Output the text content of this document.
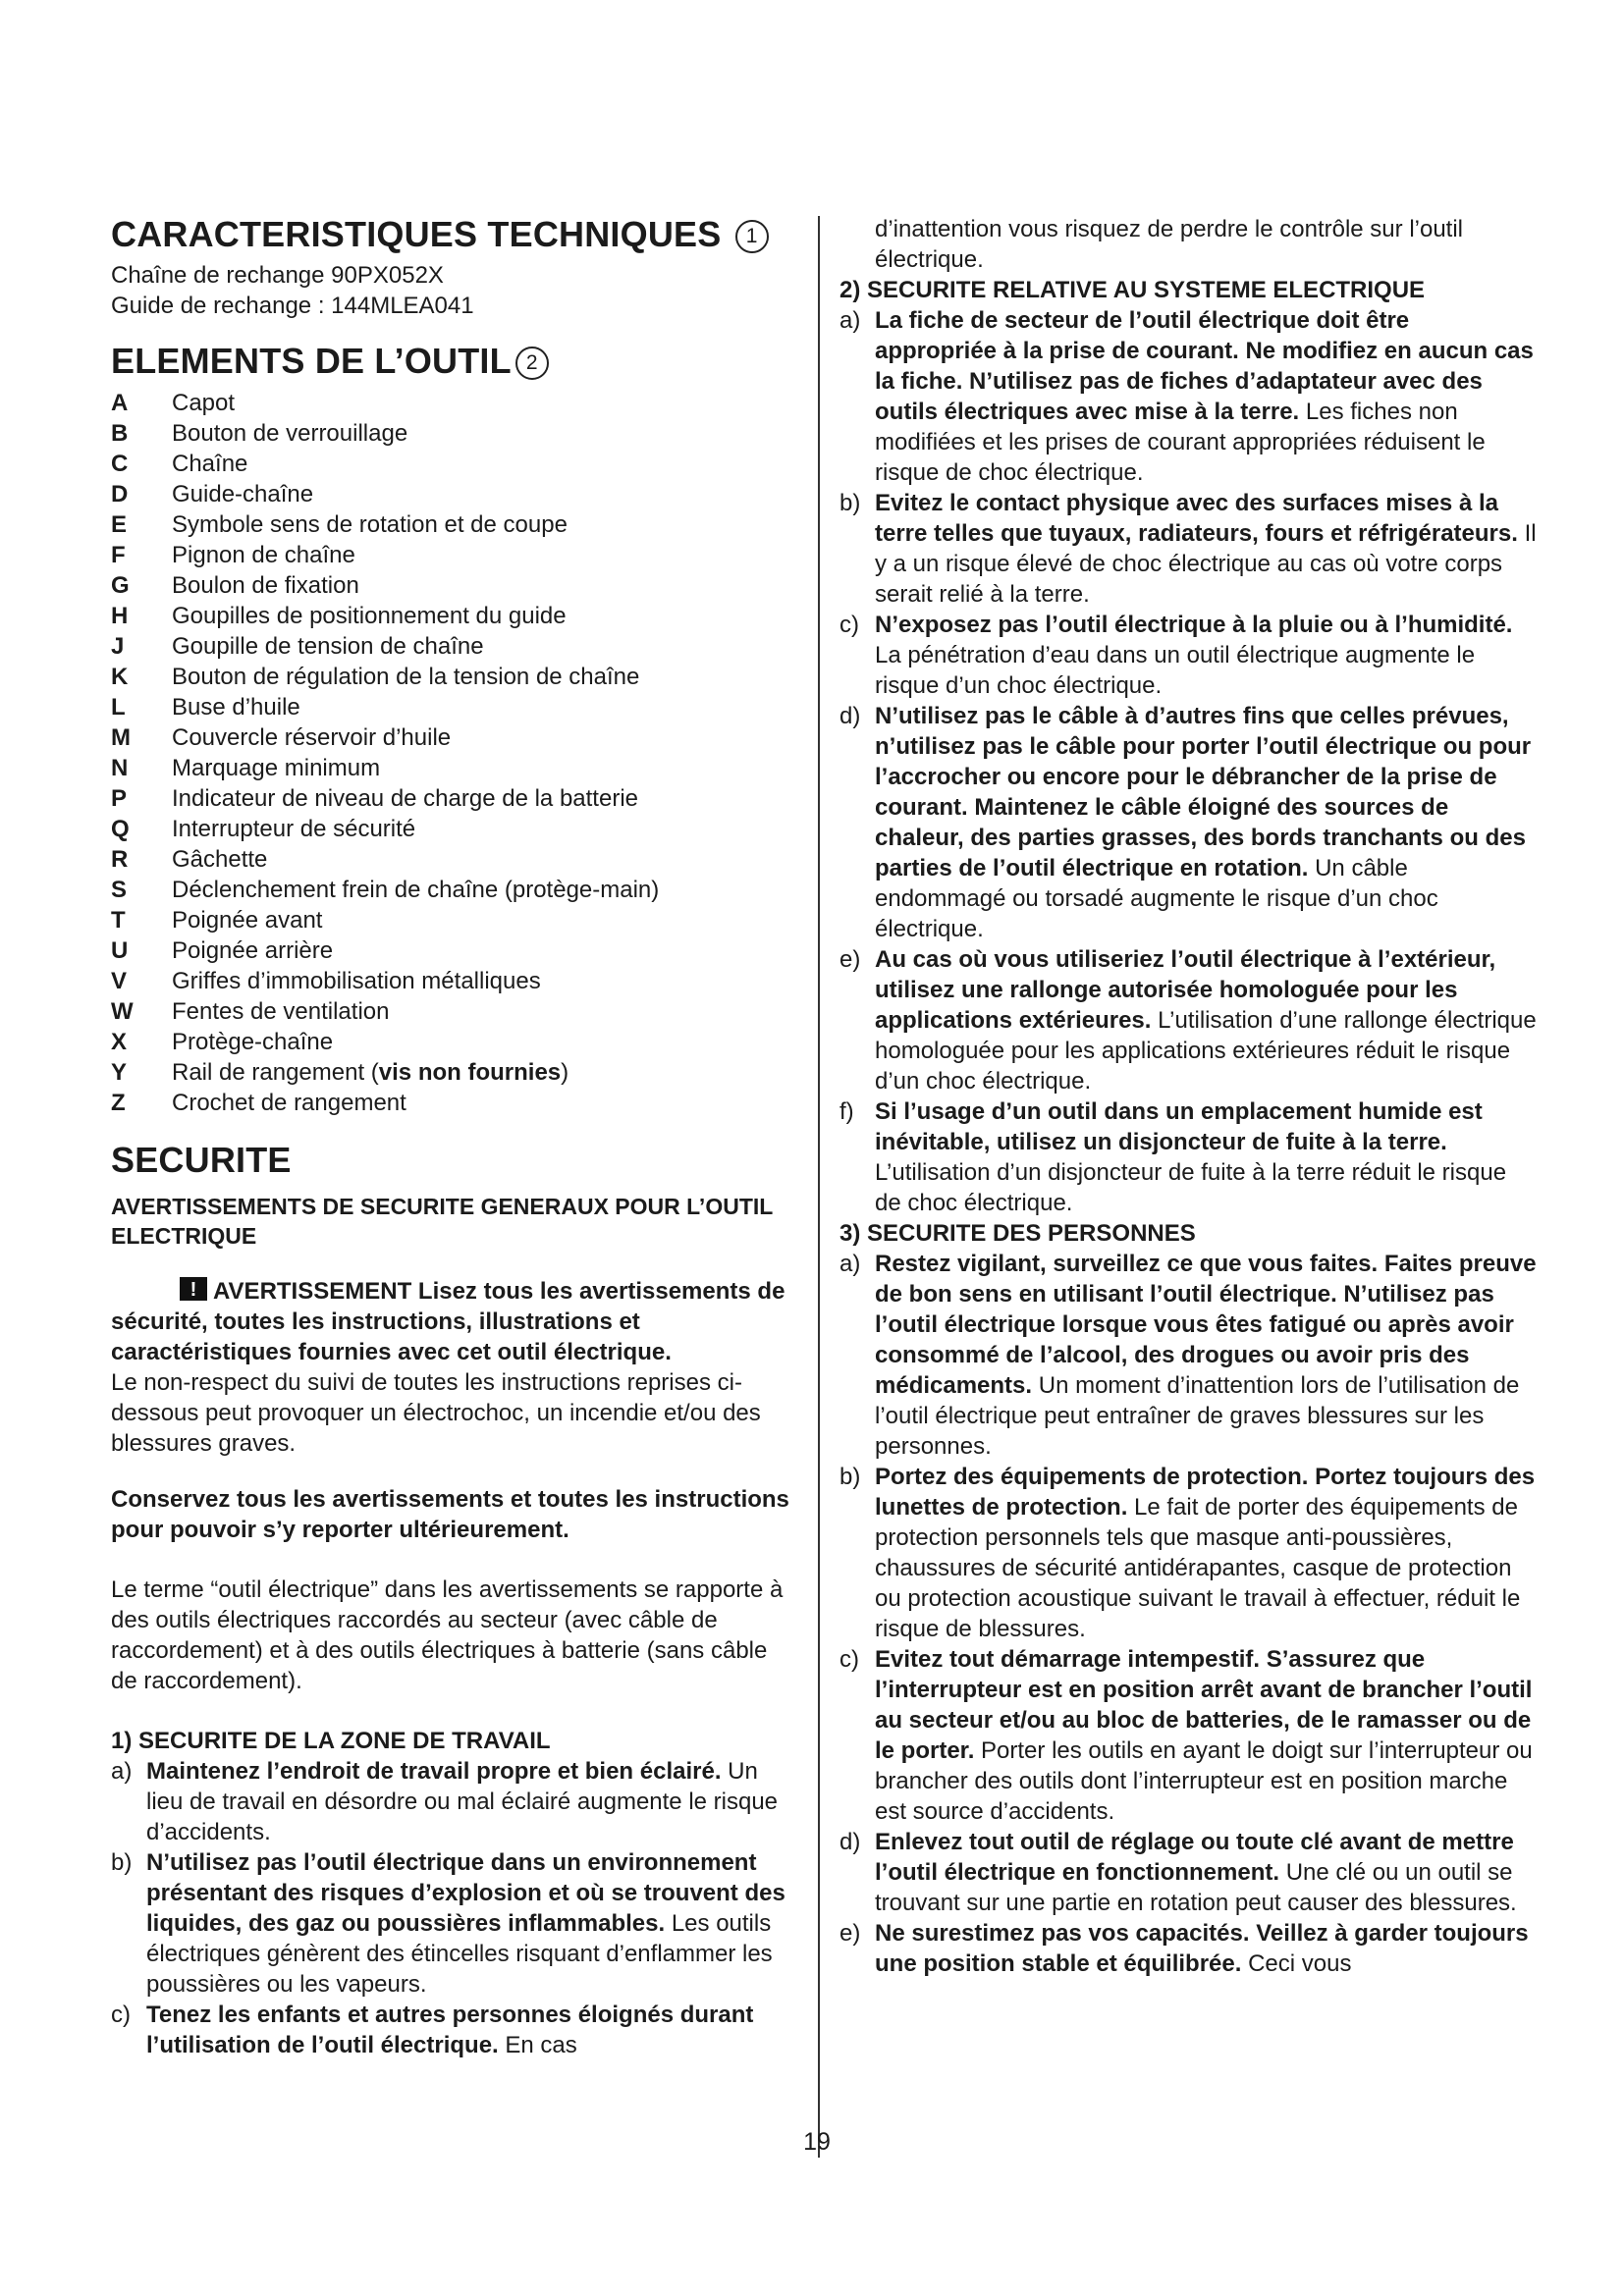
CARACTERISTIQUES TECHNIQUES 1
Chaîne de rechange 90PX052X
Guide de rechange : 144MLEA041
ELEMENTS DE L’OUTIL 2
A	Capot
B	Bouton de verrouillage
C	Chaîne
D	Guide-chaîne
E	Symbole sens de rotation et de coupe
F	Pignon de chaîne
G	Boulon de fixation
H	Goupilles de positionnement du guide
J	Goupille de tension de chaîne
K	Bouton de régulation de la tension de chaîne
L	Buse d’huile
M	Couvercle réservoir d’huile
N	Marquage minimum
P	Indicateur de niveau de charge de la batterie
Q	Interrupteur de sécurité
R	Gâchette
S	Déclenchement frein de chaîne (protège-main)
T	Poignée avant
U	Poignée arrière
V	Griffes d’immobilisation métalliques
W	Fentes de ventilation
X	Protège-chaîne
Y	Rail de rangement (vis non fournies)
Z	Crochet de rangement
SECURITE

AVERTISSEMENTS DE SECURITE GENERAUX POUR L’OUTIL ELECTRIQUE

!AVERTISSEMENT Lisez tous les avertissements de sécurité, toutes les instructions, illustrations et caractéristiques fournies avec cet outil électrique.
Le non-respect du suivi de toutes les instructions reprises ci-dessous peut provoquer un électrochoc, un incendie et/ou des blessures graves.
Conservez tous les avertissements et toutes les instructions pour pouvoir s’y reporter ultérieurement.
Le terme “outil électrique” dans les avertissements se rapporte à des outils électriques raccordés au secteur (avec câble de raccordement) et à des outils électriques à batterie (sans câble de raccordement).
1) SECURITE DE LA ZONE DE TRAVAIL
a) Maintenez l’endroit de travail propre et bien éclairé. Un lieu de travail en désordre ou mal éclairé augmente le risque d’accidents.
b) N’utilisez pas l’outil électrique dans un environnement présentant des risques d’explosion et où se trouvent des liquides, des gaz ou poussières inflammables. Les outils électriques génèrent des étincelles risquant d’enflammer les poussières ou les vapeurs.
c) Tenez les enfants et autres personnes éloignés durant l’utilisation de l’outil électrique. En cas
d’inattention vous risquez de perdre le contrôle sur l’outil électrique.
2) SECURITE RELATIVE AU SYSTEME ELECTRIQUE
a) La fiche de secteur de l’outil électrique doit être appropriée à la prise de courant. Ne modifiez en aucun cas la fiche. N’utilisez pas de fiches d’adaptateur avec des outils électriques avec mise à la terre. Les fiches non modifiées et les prises de courant appropriées réduisent le risque de choc électrique.
b) Evitez le contact physique avec des surfaces mises à la terre telles que tuyaux, radiateurs, fours et réfrigérateurs. Il y a un risque élevé de choc électrique au cas où votre corps serait relié à la terre.
c) N’exposez pas l’outil électrique à la pluie ou à l’humidité. La pénétration d’eau dans un outil électrique augmente le risque d’un choc électrique.
d) N’utilisez pas le câble à d’autres fins que celles prévues, n’utilisez pas le câble pour porter l’outil électrique ou pour l’accrocher ou encore pour le débrancher de la prise de courant. Maintenez le câble éloigné des sources de chaleur, des parties grasses, des bords tranchants ou des parties de l’outil électrique en rotation. Un câble endommagé ou torsadé augmente le risque d’un choc électrique.
e) Au cas où vous utiliseriez l’outil électrique à l’extérieur, utilisez une rallonge autorisée homologuée pour les applications extérieures. L’utilisation d’une rallonge électrique homologuée pour les applications extérieures réduit le risque d’un choc électrique.
f) Si l’usage d’un outil dans un emplacement humide est inévitable, utilisez un disjoncteur de fuite à la terre. L’utilisation d’un disjoncteur de fuite à la terre réduit le risque de choc électrique.
3) SECURITE DES PERSONNES
a) Restez vigilant, surveillez ce que vous faites. Faites preuve de bon sens en utilisant l’outil électrique. N’utilisez pas l’outil électrique lorsque vous êtes fatigué ou après avoir consommé de l’alcool, des drogues ou avoir pris des médicaments. Un moment d’inattention lors de l’utilisation de l’outil électrique peut entraîner de graves blessures sur les personnes.
b) Portez des équipements de protection. Portez toujours des lunettes de protection. Le fait de porter des équipements de protection personnels tels que masque anti-poussières, chaussures de sécurité antidérapantes, casque de protection ou protection acoustique suivant le travail à effectuer, réduit le risque de blessures.
c) Evitez tout démarrage intempestif. S’assurez que l’interrupteur est en position arrêt avant de brancher l’outil au secteur et/ou au bloc de batteries, de le ramasser ou de le porter. Porter les outils en ayant le doigt sur l’interrupteur ou brancher des outils dont l’interrupteur est en position marche est source d’accidents.
d) Enlevez tout outil de réglage ou toute clé avant de mettre l’outil électrique en fonctionnement. Une clé ou un outil se trouvant sur une partie en rotation peut causer des blessures.
e) Ne surestimez pas vos capacités. Veillez à garder toujours une position stable et équilibrée. Ceci vous
19
